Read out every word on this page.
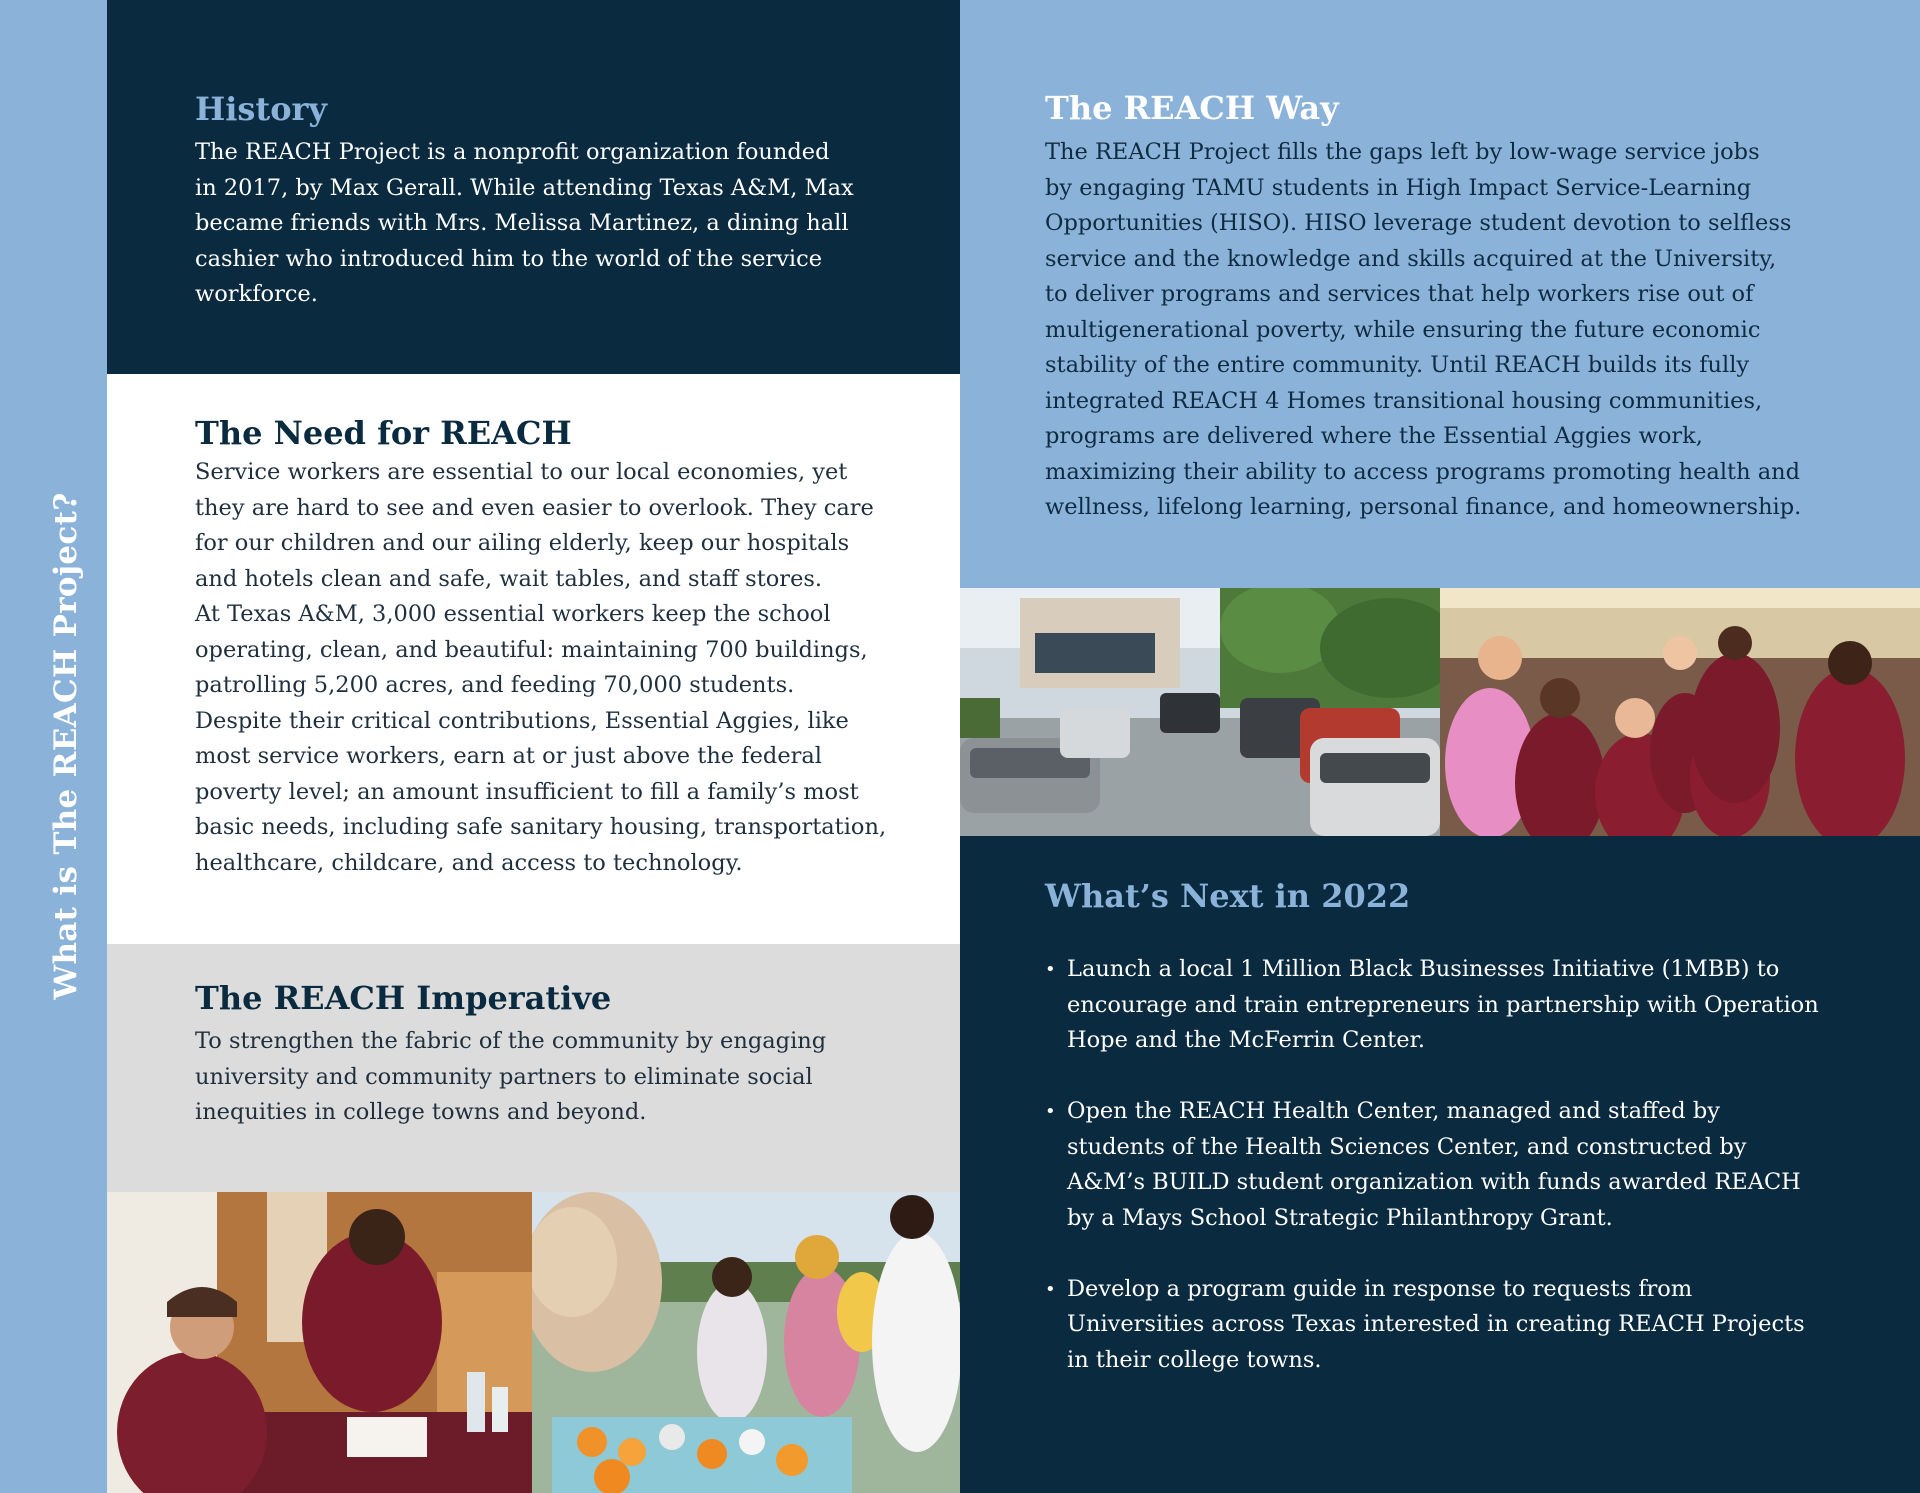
What is The REACH Project?
History

The REACH Project is a nonprofit organization founded

in 2017, by Max Gerall. While attending Texas A&M, Max

became friends with Mrs. Melissa Martinez, a dining hall

cashier who introduced him to the world of the service

workforce.

The Need for REACH

Service workers are essential to our local economies, yet

they are hard to see and even easier to overlook. They care

for our children and our ailing elderly, keep our hospitals

and hotels clean and safe, wait tables, and staff stores.

At Texas A&M, 3,000 essential workers keep the school

operating, clean, and beautiful: maintaining 700 buildings,

patrolling 5,200 acres, and feeding 70,000 students.

Despite their critical contributions, Essential Aggies, like

most service workers, earn at or just above the federal

poverty level; an amount insufficient to fill a family’s most

basic needs, including safe sanitary housing, transportation,

healthcare, childcare, and access to technology.

The REACH Imperative

To strengthen the fabric of the community by engaging

university and community partners to eliminate social

inequities in college towns and beyond.

The REACH Way

The REACH Project fills the gaps left by low-wage service jobs

by engaging TAMU students in High Impact Service-Learning

Opportunities (HISO). HISO leverage student devotion to selfless

service and the knowledge and skills acquired at the University,

to deliver programs and services that help workers rise out of

multigenerational poverty, while ensuring the future economic

stability of the entire community. Until REACH builds its fully

integrated REACH 4 Homes transitional housing communities,

programs are delivered where the Essential Aggies work,

maximizing their ability to access programs promoting health and

wellness, lifelong learning, personal finance, and homeownership.

What’s Next in 2022
• Launch a local 1 Million Black Businesses Initiative (1MBB) to

encourage and train entrepreneurs in partnership with Operation

Hope and the McFerrin Center.

• Open the REACH Health Center, managed and staffed by

students of the Health Sciences Center, and constructed by

A&M’s BUILD student organization with funds awarded REACH

by a Mays School Strategic Philanthropy Grant.

• Develop a program guide in response to requests from

Universities across Texas interested in creating REACH Projects

in their college towns.
